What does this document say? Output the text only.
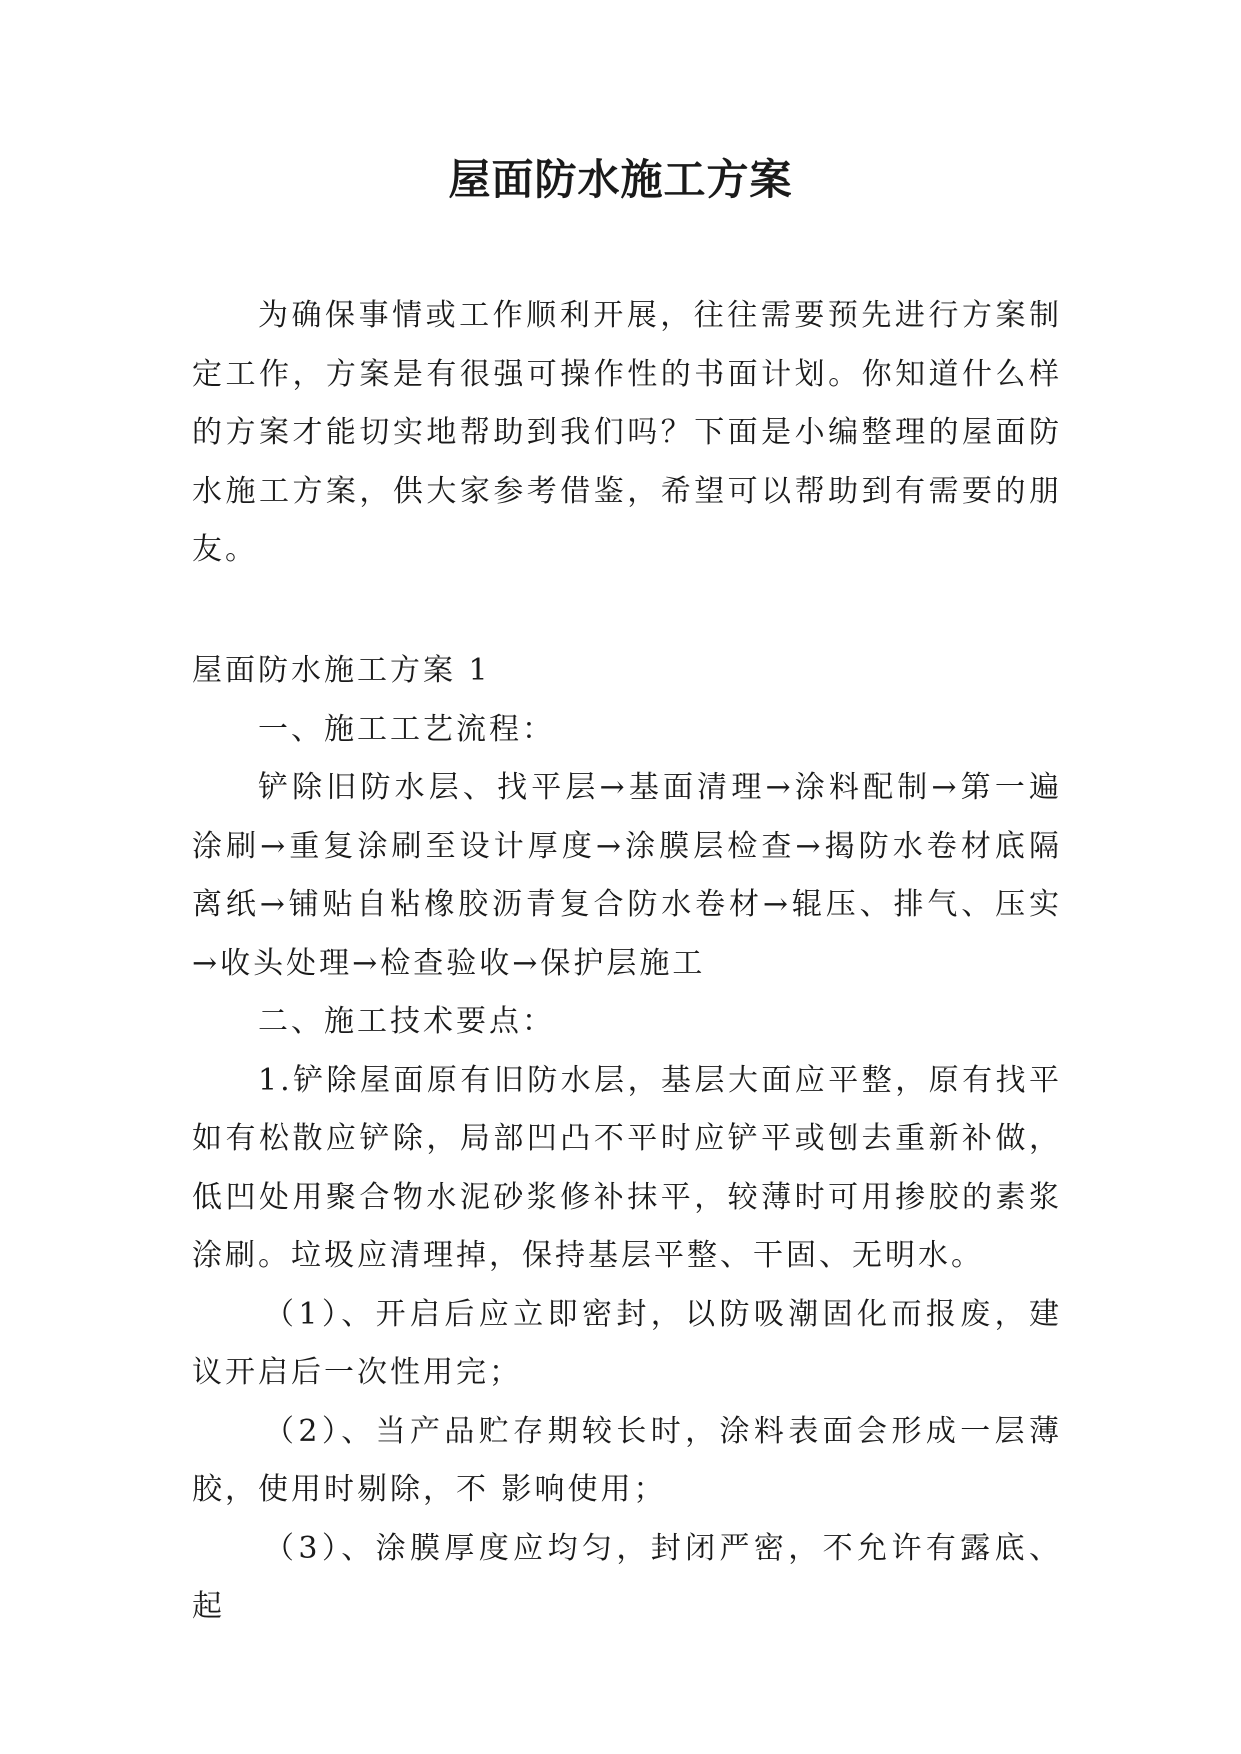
屋面防水施工方案

为确保事情或工作顺利开展，往往需要预先进行方案制定工作，方案是有很强可操作性的书面计划。你知道什么样的方案才能切实地帮助到我们吗？下面是小编整理的屋面防水施工方案，供大家参考借鉴，希望可以帮助到有需要的朋友。

屋面防水施工方案 1

一、施工工艺流程：

铲除旧防水层、找平层→基面清理→涂料配制→第一遍涂刷→重复涂刷至设计厚度→涂膜层检查→揭防水卷材底隔离纸→铺贴自粘橡胶沥青复合防水卷材→辊压、排气、压实→收头处理→检查验收→保护层施工

二、施工技术要点：

1.铲除屋面原有旧防水层，基层大面应平整，原有找平如有松散应铲除，局部凹凸不平时应铲平或刨去重新补做，低凹处用聚合物水泥砂浆修补抹平，较薄时可用掺胶的素浆涂刷。垃圾应清理掉，保持基层平整、干固、无明水。

（1）、开启后应立即密封，以防吸潮固化而报废，建议开启后一次性用完；

（2）、当产品贮存期较长时，涂料表面会形成一层薄胶，使用时剔除，不 影响使用；

（3）、涂膜厚度应均匀，封闭严密，不允许有露底、起
